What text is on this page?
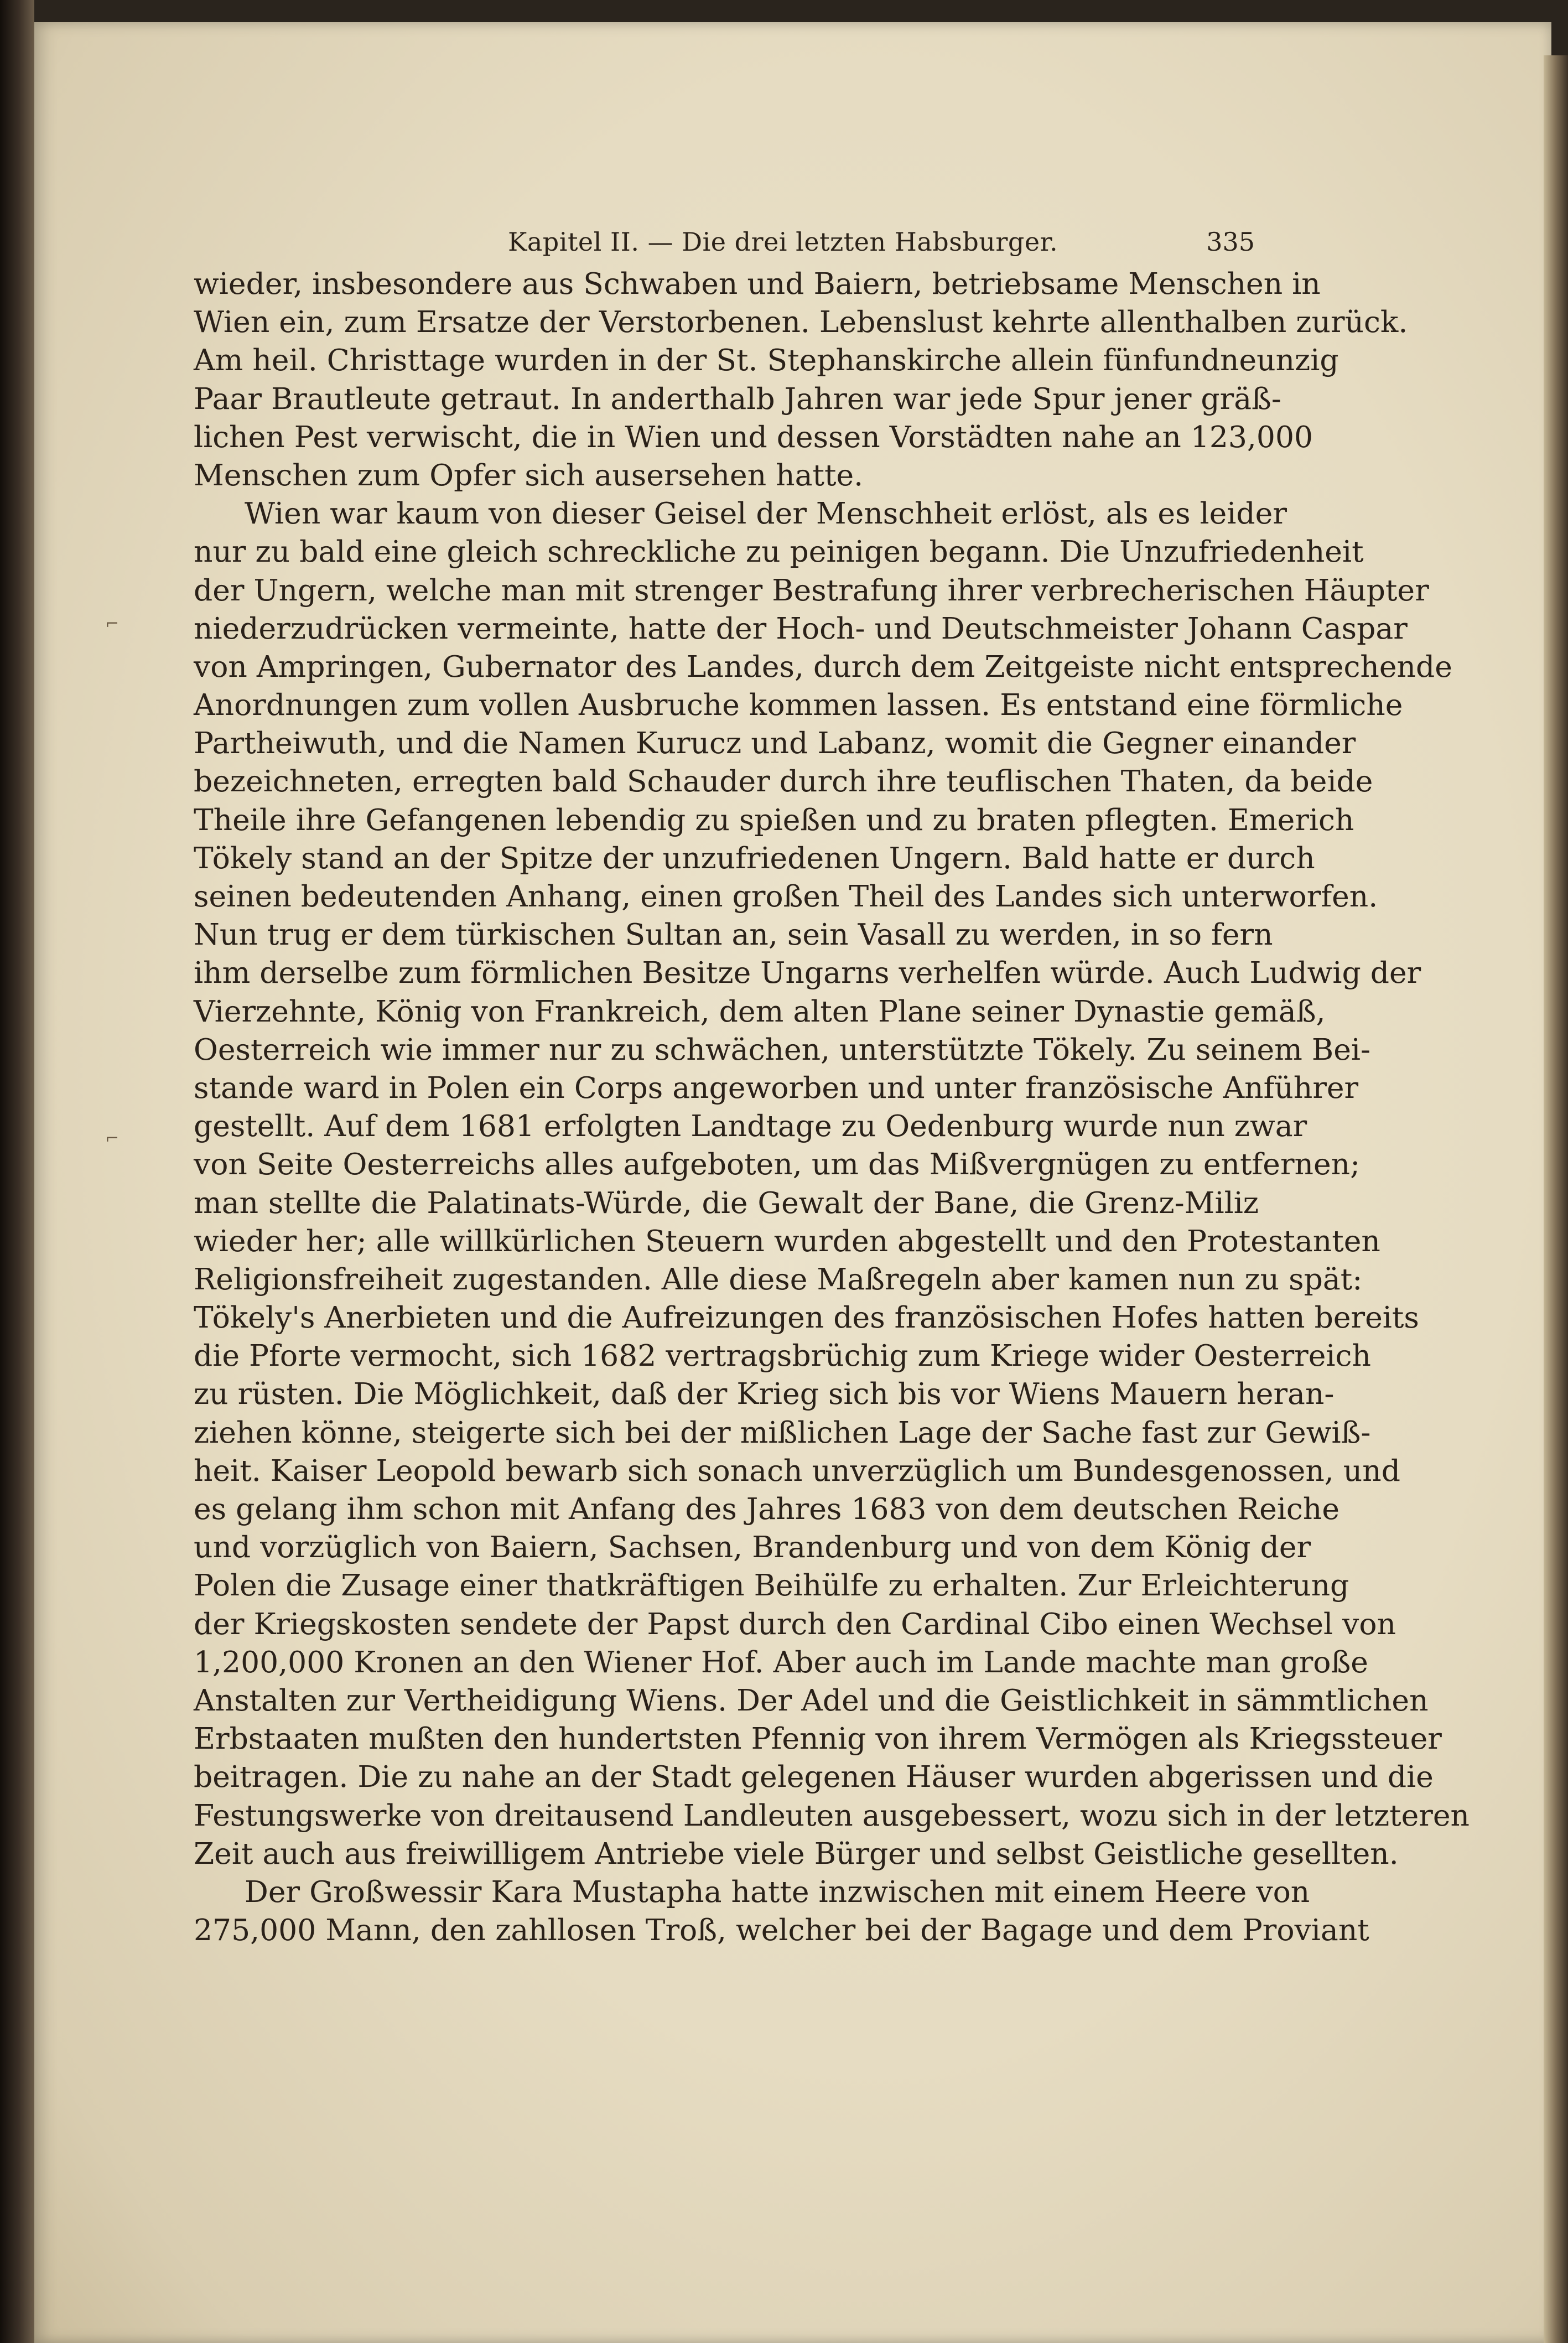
Kapitel II. — Die drei letzten Habsburger.	335
wieder, insbesondere aus Schwaben und Baiern, betriebsame Menschen in
Wien ein, zum Ersatze der Verstorbenen. Lebenslust kehrte allenthalben zurück.
Am heil. Christtage wurden in der St. Stephanskirche allein fünfundneunzig
Paar Brautleute getraut. In anderthalb Jahren war jede Spur jener gräß-
lichen Pest verwischt, die in Wien und dessen Vorstädten nahe an 123,000
Menschen zum Opfer sich ausersehen hatte.
Wien war kaum von dieser Geisel der Menschheit erlöst, als es leider
nur zu bald eine gleich schreckliche zu peinigen begann. Die Unzufriedenheit
der Ungern, welche man mit strenger Bestrafung ihrer verbrecherischen Häupter
niederzudrücken vermeinte, hatte der Hoch- und Deutschmeister Johann Caspar
von Ampringen, Gubernator des Landes, durch dem Zeitgeiste nicht entsprechende
Anordnungen zum vollen Ausbruche kommen lassen. Es entstand eine förmliche
Partheiwuth, und die Namen Kurucz und Labanz, womit die Gegner einander
bezeichneten, erregten bald Schauder durch ihre teuflischen Thaten, da beide
Theile ihre Gefangenen lebendig zu spießen und zu braten pflegten. Emerich
Tökely stand an der Spitze der unzufriedenen Ungern. Bald hatte er durch
seinen bedeutenden Anhang, einen großen Theil des Landes sich unterworfen.
Nun trug er dem türkischen Sultan an, sein Vasall zu werden, in so fern
ihm derselbe zum förmlichen Besitze Ungarns verhelfen würde. Auch Ludwig der
Vierzehnte, König von Frankreich, dem alten Plane seiner Dynastie gemäß,
Oesterreich wie immer nur zu schwächen, unterstützte Tökely. Zu seinem Bei-
stande ward in Polen ein Corps angeworben und unter französische Anführer
gestellt. Auf dem 1681 erfolgten Landtage zu Oedenburg wurde nun zwar
von Seite Oesterreichs alles aufgeboten, um das Mißvergnügen zu entfernen;
man stellte die Palatinats-Würde, die Gewalt der Bane, die Grenz-Miliz
wieder her; alle willkürlichen Steuern wurden abgestellt und den Protestanten
Religionsfreiheit zugestanden. Alle diese Maßregeln aber kamen nun zu spät:
Tökely's Anerbieten und die Aufreizungen des französischen Hofes hatten bereits
die Pforte vermocht, sich 1682 vertragsbrüchig zum Kriege wider Oesterreich
zu rüsten. Die Möglichkeit, daß der Krieg sich bis vor Wiens Mauern heran-
ziehen könne, steigerte sich bei der mißlichen Lage der Sache fast zur Gewiß-
heit. Kaiser Leopold bewarb sich sonach unverzüglich um Bundesgenossen, und
es gelang ihm schon mit Anfang des Jahres 1683 von dem deutschen Reiche
und vorzüglich von Baiern, Sachsen, Brandenburg und von dem König der
Polen die Zusage einer thatkräftigen Beihülfe zu erhalten. Zur Erleichterung
der Kriegskosten sendete der Papst durch den Cardinal Cibo einen Wechsel von
1,200,000 Kronen an den Wiener Hof. Aber auch im Lande machte man große
Anstalten zur Vertheidigung Wiens. Der Adel und die Geistlichkeit in sämmtlichen
Erbstaaten mußten den hundertsten Pfennig von ihrem Vermögen als Kriegssteuer
beitragen. Die zu nahe an der Stadt gelegenen Häuser wurden abgerissen und die
Festungswerke von dreitausend Landleuten ausgebessert, wozu sich in der letzteren
Zeit auch aus freiwilligem Antriebe viele Bürger und selbst Geistliche gesellten.
Der Großwessir Kara Mustapha hatte inzwischen mit einem Heere von
275,000 Mann, den zahllosen Troß, welcher bei der Bagage und dem Proviant
⌐
⌐
